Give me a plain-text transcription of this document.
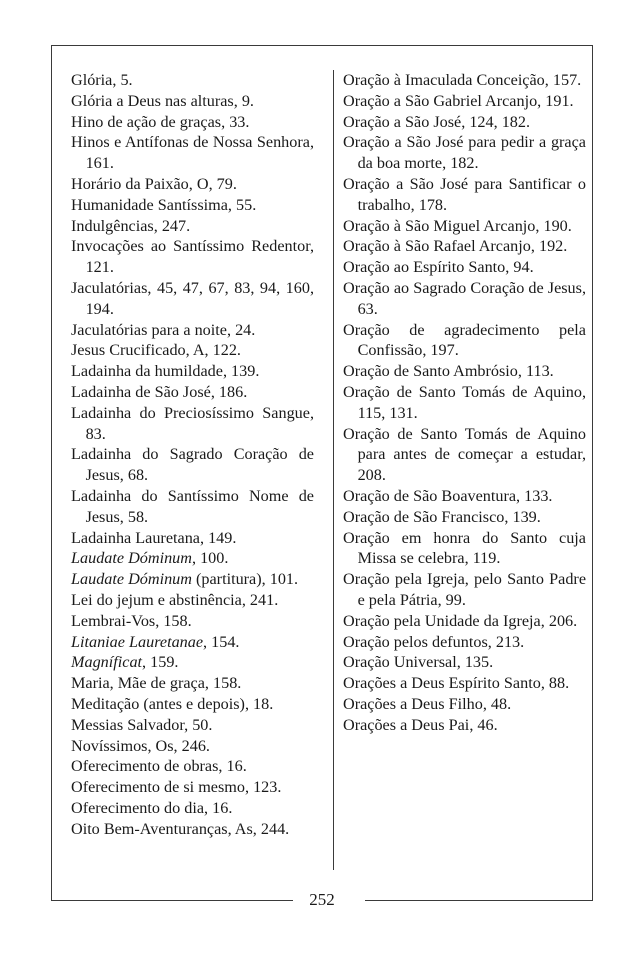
Glória, 5.

Glória a Deus nas alturas, 9.

Hino de ação de graças, 33.

Hinos e Antífonas de Nossa Senhora, 161.

Horário da Paixão, O, 79.

Humanidade Santíssima, 55.

Indulgências, 247.

Invocações ao Santíssimo Redentor, 121.

Jaculatórias, 45, 47, 67, 83, 94, 160, 194.

Jaculatórias para a noite, 24.

Jesus Crucificado, A, 122.

Ladainha da humildade, 139.

Ladainha de São José, 186.

Ladainha do Preciosíssimo Sangue, 83.

Ladainha do Sagrado Coração de Jesus, 68.

Ladainha do Santíssimo Nome de Jesus, 58.

Ladainha Lauretana, 149.

Laudate Dóminum, 100.

Laudate Dóminum (partitura), 101.

Lei do jejum e abstinência, 241.

Lembrai-Vos, 158.

Litaniae Lauretanae, 154.

Magníficat, 159.

Maria, Mãe de graça, 158.

Meditação (antes e depois), 18.

Messias Salvador, 50.

Novíssimos, Os, 246.

Oferecimento de obras, 16.

Oferecimento de si mesmo, 123.

Oferecimento do dia, 16.

Oito Bem-Aventuranças, As, 244.

Oração à Imaculada Conceição, 157.

Oração a São Gabriel Arcanjo, 191.

Oração a São José, 124, 182.

Oração a São José para pedir a graça da boa morte, 182.

Oração a São José para Santificar o trabalho, 178.

Oração à São Miguel Arcanjo, 190.

Oração à São Rafael Arcanjo, 192.

Oração ao Espírito Santo, 94.

Oração ao Sagrado Coração de Jesus, 63.

Oração de agradecimento pela Confissão, 197.

Oração de Santo Ambrósio, 113.

Oração de Santo Tomás de Aquino, 115, 131.

Oração de Santo Tomás de Aquino para antes de começar a estudar, 208.

Oração de São Boaventura, 133.

Oração de São Francisco, 139.

Oração em honra do Santo cuja Missa se celebra, 119.

Oração pela Igreja, pelo Santo Padre e pela Pátria, 99.

Oração pela Unidade da Igreja, 206.

Oração pelos defuntos, 213.

Oração Universal, 135.

Orações a Deus Espírito Santo, 88.

Orações a Deus Filho, 48.

Orações a Deus Pai, 46.

252
